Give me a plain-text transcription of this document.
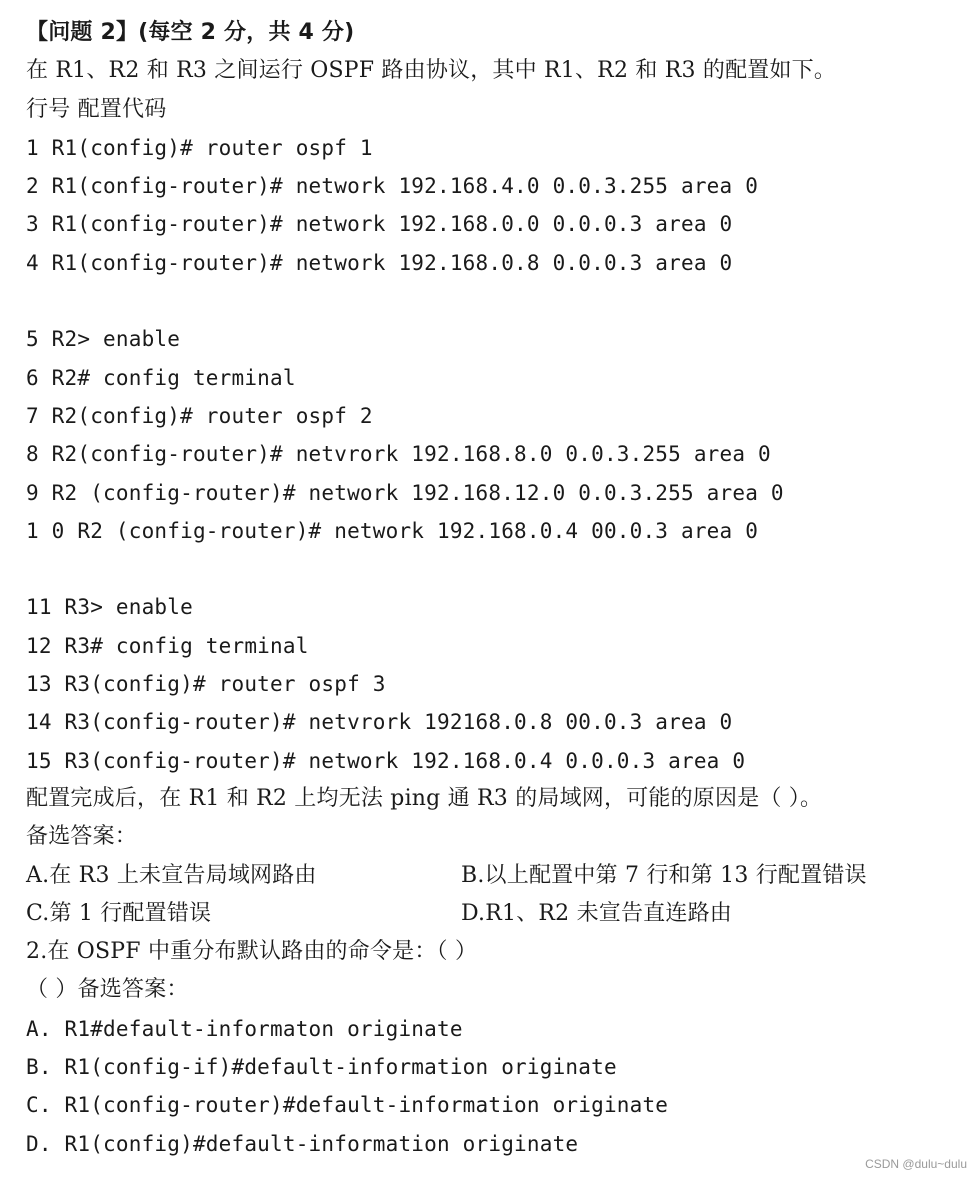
【问题 2】(每空 2 分，共 4 分)
在 R1、R2 和 R3 之间运行 OSPF 路由协议，其中 R1、R2 和 R3 的配置如下。
行号 配置代码
1 R1(config)# router ospf 1
2 R1(config-router)# network 192.168.4.0 0.0.3.255 area 0
3 R1(config-router)# network 192.168.0.0 0.0.0.3 area 0
4 R1(config-router)# network 192.168.0.8 0.0.0.3 area 0
5 R2> enable
6 R2# config terminal
7 R2(config)# router ospf 2
8 R2(config-router)# netvrork 192.168.8.0 0.0.3.255 area 0
9 R2 (config-router)# network 192.168.12.0 0.0.3.255 area 0
1 0 R2 (config-router)# network 192.168.0.4 00.0.3 area 0
11 R3> enable
12 R3# config terminal
13 R3(config)# router ospf 3
14 R3(config-router)# netvrork 192168.0.8 00.0.3 area 0
15 R3(config-router)# network 192.168.0.4 0.0.0.3 area 0
配置完成后，在 R1 和 R2 上均无法 ping 通 R3 的局域网，可能的原因是（ ）。
备选答案：
A.在 R3 上未宣告局域网路由	B.以上配置中第 7 行和第 13 行配置错误
C.第 1 行配置错误	D.R1、R2 未宣告直连路由
2.在 OSPF 中重分布默认路由的命令是：（ ）
（ ）备选答案：
A. R1#default-informaton originate
B. R1(config-if)#default-information originate
C. R1(config-router)#default-information originate
D. R1(config)#default-information originate
CSDN @dulu~dulu
